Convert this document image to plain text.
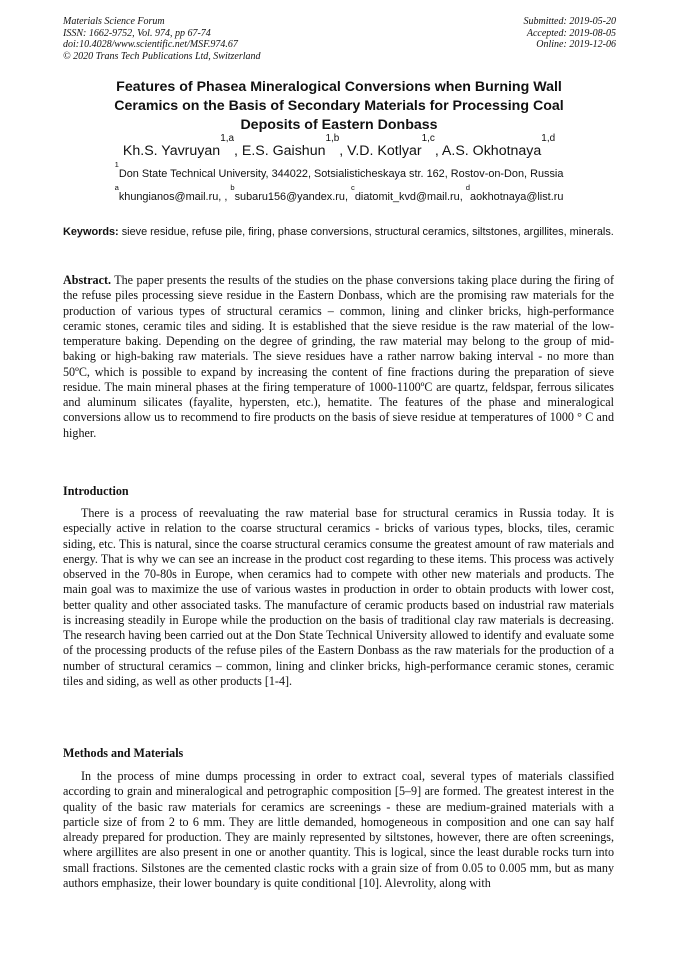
Materials Science Forum
ISSN: 1662-9752, Vol. 974, pp 67-74
doi:10.4028/www.scientific.net/MSF.974.67
© 2020 Trans Tech Publications Ltd, Switzerland
Submitted: 2019-05-20
Accepted: 2019-08-05
Online: 2019-12-06
Features of Phasea Mineralogical Conversions when Burning Wall
Ceramics on the Basis of Secondary Materials for Processing Coal
Deposits of Eastern Donbass
Kh.S. Yavruyan$^{1,a}$, E.S. Gaishun$^{1,b}$, V.D. Kotlyar$^{1,c}$, A.S. Okhotnaya$^{1,d}$
$^1$Don State Technical University, 344022, Sotsialisticheskaya str. 162, Rostov-on-Don, Russia
$^a$khungianos@mail.ru, , $^b$subaru156@yandex.ru, $^c$diatomit_kvd@mail.ru, $^d$aokhotnaya@list.ru
Keywords: sieve residue, refuse pile, firing, phase conversions, structural ceramics, siltstones, argillites, minerals.
Abstract. The paper presents the results of the studies on the phase conversions taking place during the firing of the refuse piles processing sieve residue in the Eastern Donbass, which are the promising raw materials for the production of various types of structural ceramics – common, lining and clinker bricks, high-performance ceramic stones, ceramic tiles and siding. It is established that the sieve residue is the raw material of the low-temperature baking. Depending on the degree of grinding, the raw material may belong to the group of mid-baking or high-baking raw materials. The sieve residues have a rather narrow baking interval - no more than 50ºC, which is possible to expand by increasing the content of fine fractions during the preparation of sieve residue. The main mineral phases at the firing temperature of 1000-1100ºC are quartz, feldspar, ferrous silicates and aluminum silicates (fayalite, hypersten, etc.), hematite. The features of the phase and mineralogical conversions allow us to recommend to fire products on the basis of sieve residue at temperatures of 1000 ° C and higher.
Introduction
There is a process of reevaluating the raw material base for structural ceramics in Russia today. It is especially active in relation to the coarse structural ceramics - bricks of various types, blocks, tiles, ceramic siding, etc. This is natural, since the coarse structural ceramics consume the greatest amount of raw materials and energy. That is why we can see an increase in the product cost regarding to these items. This process was actively observed in the 70-80s in Europe, when ceramics had to compete with other new materials and products. The main goal was to maximize the use of various wastes in production in order to obtain products with lower cost, better quality and other associated tasks. The manufacture of ceramic products based on industrial raw materials is increasing steadily in Europe while the production on the basis of traditional clay raw materials is decreasing. The research having been carried out at the Don State Technical University allowed to identify and evaluate some of the processing products of the refuse piles of the Eastern Donbass as the raw materials for the production of a number of structural ceramics – common, lining and clinker bricks, high-performance ceramic stones, ceramic tiles and siding, as well as other products [1-4].
Methods and Materials
In the process of mine dumps processing in order to extract coal, several types of materials classified according to grain and mineralogical and petrographic composition [5–9] are formed. The greatest interest in the quality of the basic raw materials for ceramics are screenings - these are medium-grained materials with a particle size of from 2 to 6 mm. They are little demanded, homogeneous in composition and one can say half already prepared for production. They are mainly represented by siltstones, however, there are often screenings, where argillites are also present in one or another quantity. This is logical, since the least durable rocks turn into small fractions. Silstones are the cemented clastic rocks with a grain size of from 0.05 to 0.005 mm, but as many authors emphasize, their lower boundary is quite conditional [10]. Alevrolity, along with
